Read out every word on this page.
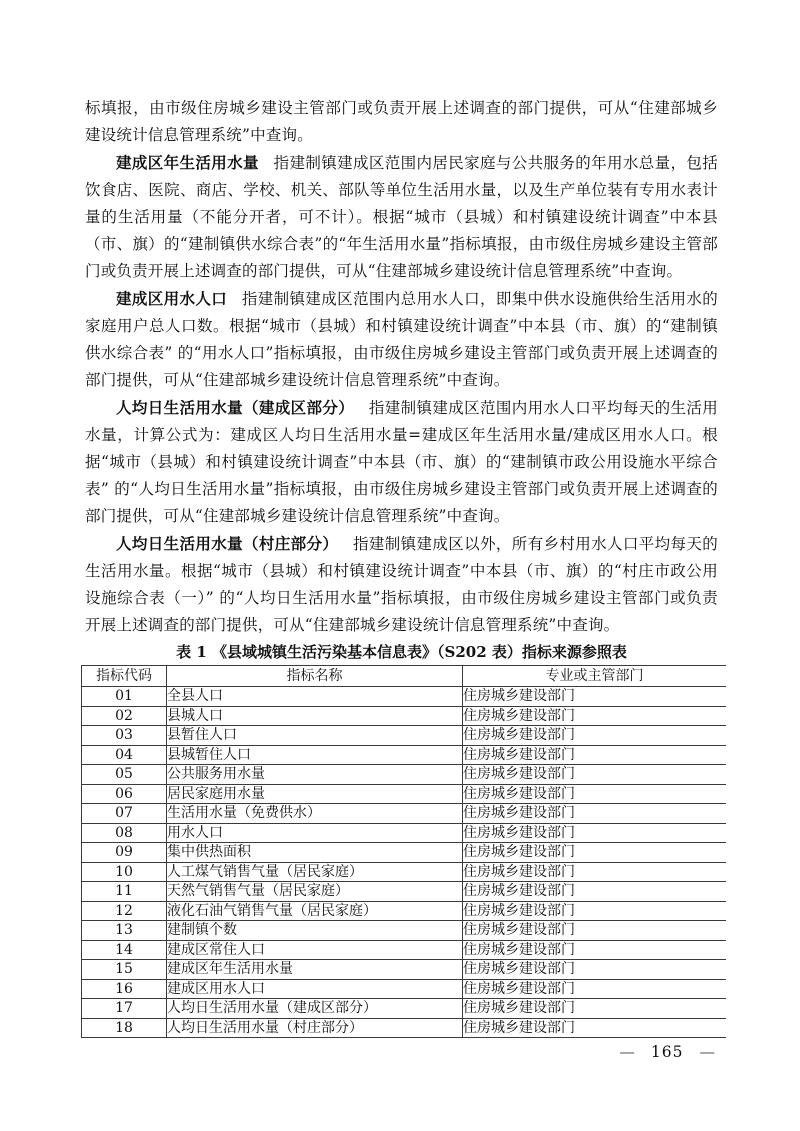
标填报，由市级住房城乡建设主管部门或负责开展上述调查的部门提供，可从“住建部城乡建设统计信息管理系统”中查询。

建成区年生活用水量 指建制镇建成区范围内居民家庭与公共服务的年用水总量，包括饮食店、医院、商店、学校、机关、部队等单位生活用水量，以及生产单位装有专用水表计量的生活用量（不能分开者，可不计）。根据“城市（县城）和村镇建设统计调查”中本县（市、旗）的“建制镇供水综合表”的“年生活用水量”指标填报，由市级住房城乡建设主管部门或负责开展上述调查的部门提供，可从“住建部城乡建设统计信息管理系统”中查询。

建成区用水人口 指建制镇建成区范围内总用水人口，即集中供水设施供给生活用水的家庭用户总人口数。根据“城市（县城）和村镇建设统计调查”中本县（市、旗）的“建制镇供水综合表” 的“用水人口”指标填报，由市级住房城乡建设主管部门或负责开展上述调查的部门提供，可从“住建部城乡建设统计信息管理系统”中查询。

人均日生活用水量（建成区部分） 指建制镇建成区范围内用水人口平均每天的生活用水量，计算公式为：建成区人均日生活用水量=建成区年生活用水量/建成区用水人口。根据“城市（县城）和村镇建设统计调查”中本县（市、旗）的“建制镇市政公用设施水平综合表” 的“人均日生活用水量”指标填报，由市级住房城乡建设主管部门或负责开展上述调查的部门提供，可从“住建部城乡建设统计信息管理系统”中查询。

人均日生活用水量（村庄部分） 指建制镇建成区以外，所有乡村用水人口平均每天的生活用水量。根据“城市（县城）和村镇建设统计调查”中本县（市、旗）的“村庄市政公用设施综合表（一）” 的“人均日生活用水量”指标填报，由市级住房城乡建设主管部门或负责开展上述调查的部门提供，可从“住建部城乡建设统计信息管理系统”中查询。

表 1 《县域城镇生活污染基本信息表》（S202 表）指标来源参照表
指标代码	指标名称	专业或主管部门
01	全县人口	住房城乡建设部门
02	县城人口	住房城乡建设部门
03	县暂住人口	住房城乡建设部门
04	县城暂住人口	住房城乡建设部门
05	公共服务用水量	住房城乡建设部门
06	居民家庭用水量	住房城乡建设部门
07	生活用水量（免费供水）	住房城乡建设部门
08	用水人口	住房城乡建设部门
09	集中供热面积	住房城乡建设部门
10	人工煤气销售气量（居民家庭）	住房城乡建设部门
11	天然气销售气量（居民家庭）	住房城乡建设部门
12	液化石油气销售气量（居民家庭）	住房城乡建设部门
13	建制镇个数	住房城乡建设部门
14	建成区常住人口	住房城乡建设部门
15	建成区年生活用水量	住房城乡建设部门
16	建成区用水人口	住房城乡建设部门
17	人均日生活用水量（建成区部分）	住房城乡建设部门
18	人均日生活用水量（村庄部分）	住房城乡建设部门
— 165 —
